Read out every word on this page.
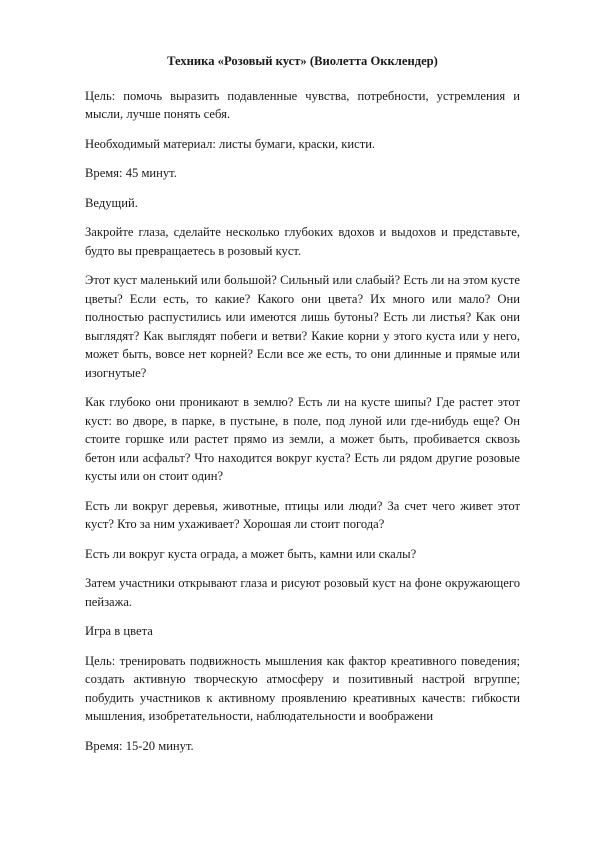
Техника «Розовый куст» (Виолетта Окклендер)

Цель: помочь выразить подавленные чувства, потребности, устремления и мысли, лучше понять себя.

Необходимый материал: листы бумаги, краски, кисти.

Время: 45 минут.

Ведущий.

Закройте глаза, сделайте несколько глубоких вдохов и выдохов и представьте, будто вы превращаетесь в розовый куст.

Этот куст маленький или большой? Сильный или слабый? Есть ли на этом кусте цветы? Если есть, то какие? Какого они цвета? Их много или мало? Они полностью распустились или имеются лишь бутоны? Есть ли листья? Как они выглядят? Как выглядят побеги и ветви? Какие корни у этого куста или у него, может быть, вовсе нет корней? Если все же есть, то они длинные и прямые или изогнутые?

Как глубоко они проникают в землю? Есть ли на кусте шипы? Где растет этот куст: во дворе, в парке, в пустыне, в поле, под луной или где-нибудь еще? Он стоите горшке или растет прямо из земли, а может быть, пробивается сквозь бетон или асфальт? Что находится вокруг куста? Есть ли рядом другие розовые кусты или он стоит один?

Есть ли вокруг деревья, животные, птицы или люди? За счет чего живет этот куст? Кто за ним ухаживает? Хорошая ли стоит погода?

Есть ли вокруг куста ограда, а может быть, камни или скалы?

Затем участники открывают глаза и рисуют розовый куст на фоне окружающего пейзажа.

Игра в цвета

Цель: тренировать подвижность мышления как фактор креативного поведения; создать активную творческую атмосферу и позитивный настрой вгруппе; побудить участников к активному проявлению креативных качеств: гибкости мышления, изобретательности, наблюдательности и воображени

Время: 15-20 минут.
